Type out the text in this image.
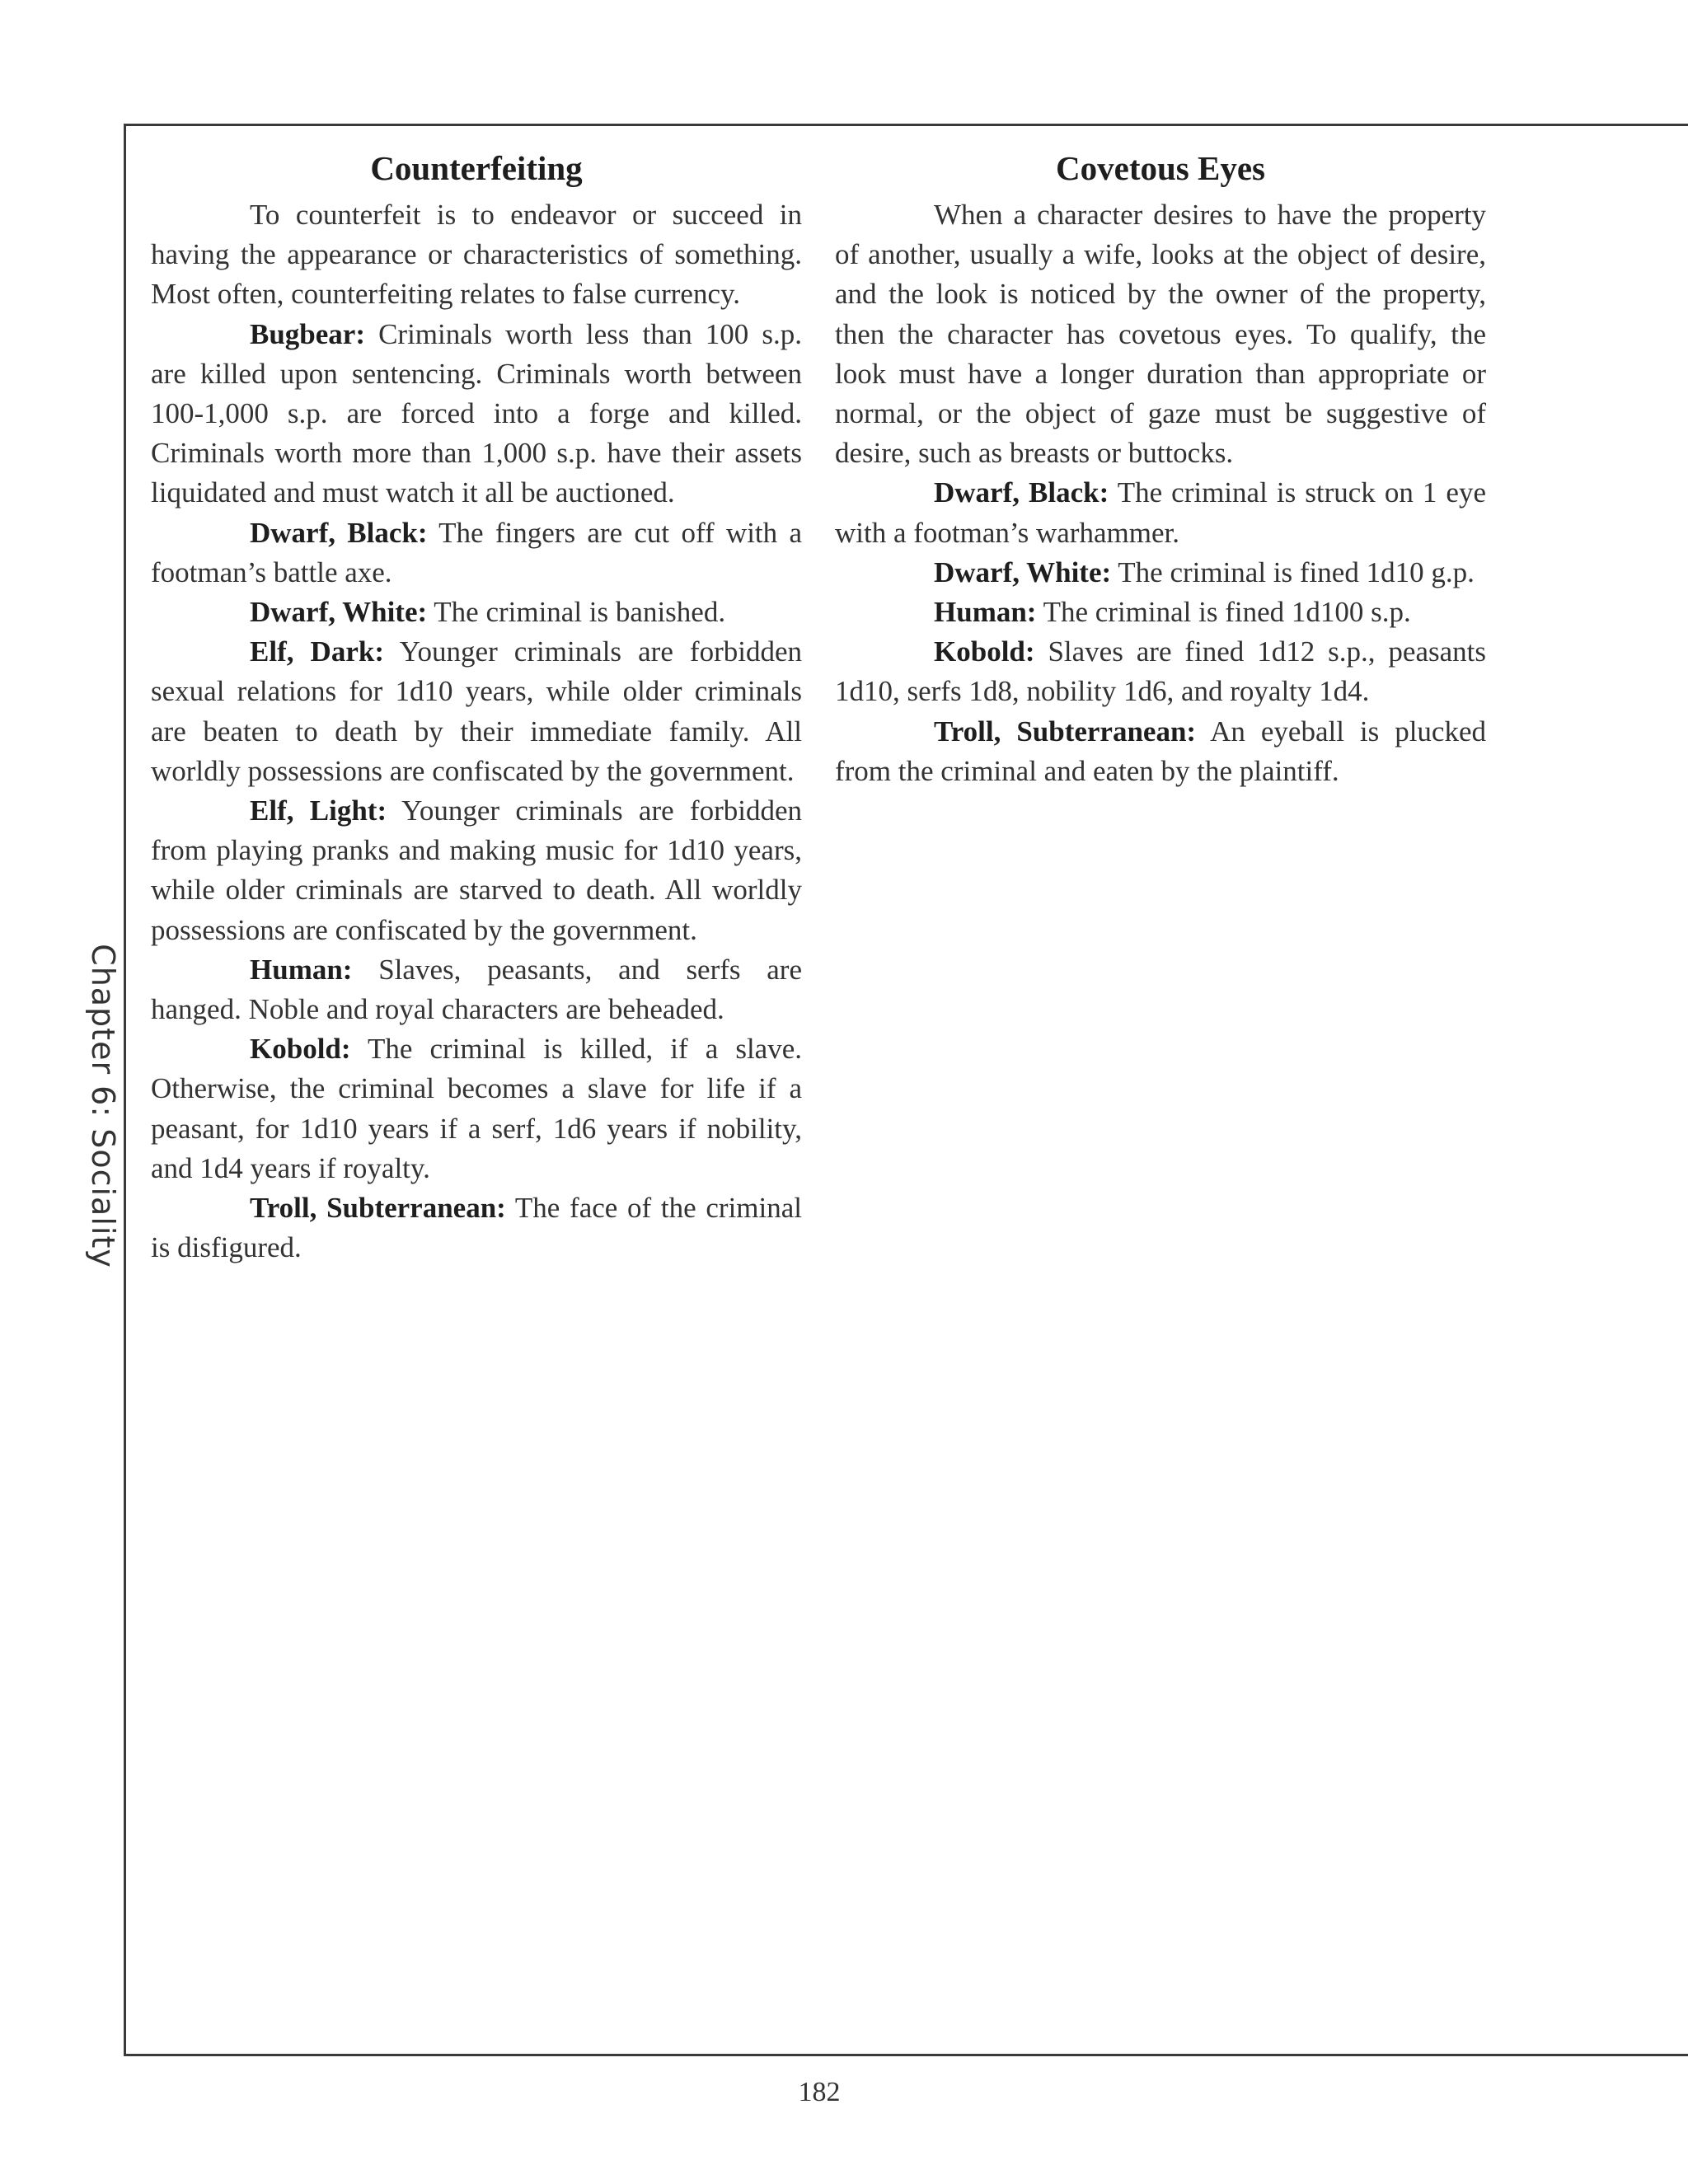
Chapter 6: Sociality
Counterfeiting

To counterfeit is to endeavor or succeed in having the appearance or characteristics of something. Most often, counterfeiting relates to false currency.

Bugbear: Criminals worth less than 100 s.p. are killed upon sentencing. Criminals worth between 100-1,000 s.p. are forced into a forge and killed. Criminals worth more than 1,000 s.p. have their assets liquidated and must watch it all be auctioned.

Dwarf, Black: The fingers are cut off with a footman’s battle axe.

Dwarf, White: The criminal is banished.

Elf, Dark: Younger criminals are forbidden sexual relations for 1d10 years, while older criminals are beaten to death by their immediate family. All worldly possessions are confiscated by the government.

Elf, Light: Younger criminals are forbidden from playing pranks and making music for 1d10 years, while older criminals are starved to death. All worldly possessions are confiscated by the government.

Human: Slaves, peasants, and serfs are hanged. Noble and royal characters are beheaded.

Kobold: The criminal is killed, if a slave. Otherwise, the criminal becomes a slave for life if a peasant, for 1d10 years if a serf, 1d6 years if nobility, and 1d4 years if royalty.

Troll, Subterranean: The face of the criminal is disfigured.

Covetous Eyes

When a character desires to have the property of another, usually a wife, looks at the object of desire, and the look is noticed by the owner of the property, then the character has covetous eyes. To qualify, the look must have a longer duration than appropriate or normal, or the object of gaze must be suggestive of desire, such as breasts or buttocks.

Dwarf, Black: The criminal is struck on 1 eye with a footman’s warhammer.

Dwarf, White: The criminal is fined 1d10 g.p.

Human: The criminal is fined 1d100 s.p.

Kobold: Slaves are fined 1d12 s.p., peasants 1d10, serfs 1d8, nobility 1d6, and royalty 1d4.

Troll, Subterranean: An eyeball is plucked from the criminal and eaten by the plaintiff.

182
